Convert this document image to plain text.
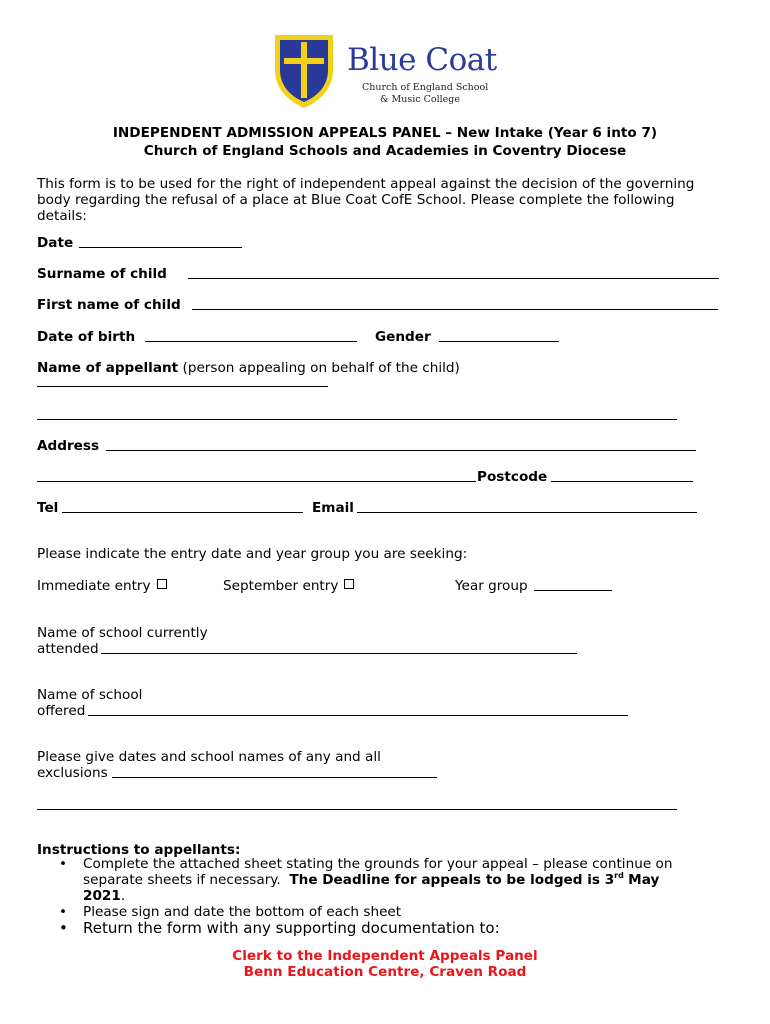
Blue Coat
Church of England School
& Music College
INDEPENDENT ADMISSION APPEALS PANEL – New Intake (Year 6 into 7)
Church of England Schools and Academies in Coventry Diocese
This form is to be used for the right of independent appeal against the decision of the governing
body regarding the refusal of a place at Blue Coat CofE School. Please complete the following
details:
Date
Surname of child
First name of child
Date of birth	Gender
Name of appellant (person appealing on behalf of the child)
Address
Postcode
Tel	Email
Please indicate the entry date and year group you are seeking:
Immediate entry	September entry	Year group
Name of school currently
attended
Name of school
offered
Please give dates and school names of any and all
exclusions
Instructions to appellants:
• Complete the attached sheet stating the grounds for your appeal – please continue on
separate sheets if necessary. The Deadline for appeals to be lodged is 3rd May
2021.
• Please sign and date the bottom of each sheet
• Return the form with any supporting documentation to:
Clerk to the Independent Appeals Panel
Benn Education Centre, Craven Road
